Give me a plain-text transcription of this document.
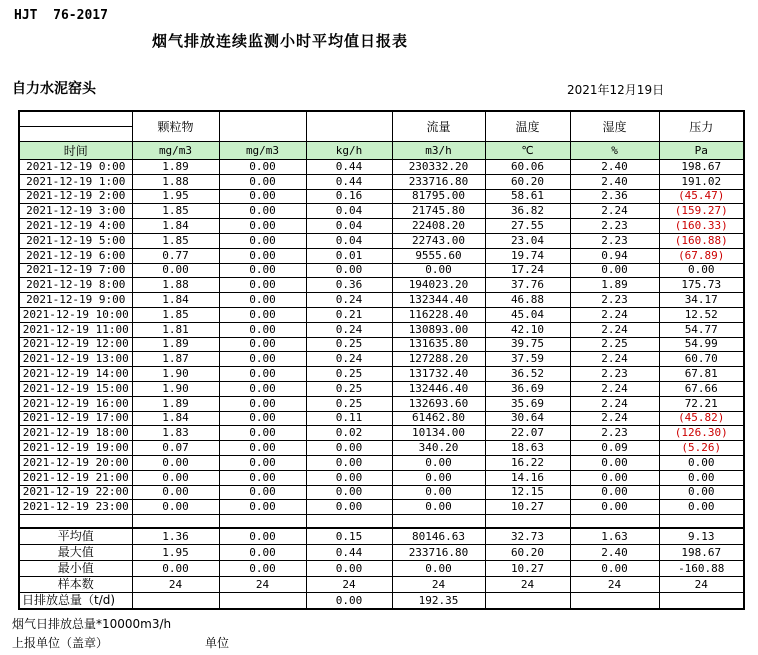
HJT  76-2017
烟气排放连续监测小时平均值日报表
自力水泥窑头	2021年12月19日
	颗粒物			流量	温度	湿度	压力
时间	mg/m3	mg/m3	kg/h	m3/h	℃	%	Pa
2021-12-19 0:00	1.89	0.00	0.44	230332.20	60.06	2.40	198.67
2021-12-19 1:00	1.88	0.00	0.44	233716.80	60.20	2.40	191.02
2021-12-19 2:00	1.95	0.00	0.16	81795.00	58.61	2.36	(45.47)
2021-12-19 3:00	1.85	0.00	0.04	21745.80	36.82	2.24	(159.27)
2021-12-19 4:00	1.84	0.00	0.04	22408.20	27.55	2.23	(160.33)
2021-12-19 5:00	1.85	0.00	0.04	22743.00	23.04	2.23	(160.88)
2021-12-19 6:00	0.77	0.00	0.01	9555.60	19.74	0.94	(67.89)
2021-12-19 7:00	0.00	0.00	0.00	0.00	17.24	0.00	0.00
2021-12-19 8:00	1.88	0.00	0.36	194023.20	37.76	1.89	175.73
2021-12-19 9:00	1.84	0.00	0.24	132344.40	46.88	2.23	34.17
2021-12-19 10:00	1.85	0.00	0.21	116228.40	45.04	2.24	12.52
2021-12-19 11:00	1.81	0.00	0.24	130893.00	42.10	2.24	54.77
2021-12-19 12:00	1.89	0.00	0.25	131635.80	39.75	2.25	54.99
2021-12-19 13:00	1.87	0.00	0.24	127288.20	37.59	2.24	60.70
2021-12-19 14:00	1.90	0.00	0.25	131732.40	36.52	2.23	67.81
2021-12-19 15:00	1.90	0.00	0.25	132446.40	36.69	2.24	67.66
2021-12-19 16:00	1.89	0.00	0.25	132693.60	35.69	2.24	72.21
2021-12-19 17:00	1.84	0.00	0.11	61462.80	30.64	2.24	(45.82)
2021-12-19 18:00	1.83	0.00	0.02	10134.00	22.07	2.23	(126.30)
2021-12-19 19:00	0.07	0.00	0.00	340.20	18.63	0.09	(5.26)
2021-12-19 20:00	0.00	0.00	0.00	0.00	16.22	0.00	0.00
2021-12-19 21:00	0.00	0.00	0.00	0.00	14.16	0.00	0.00
2021-12-19 22:00	0.00	0.00	0.00	0.00	12.15	0.00	0.00
2021-12-19 23:00	0.00	0.00	0.00	0.00	10.27	0.00	0.00

平均值	1.36	0.00	0.15	80146.63	32.73	1.63	9.13
最大值	1.95	0.00	0.44	233716.80	60.20	2.40	198.67
最小值	0.00	0.00	0.00	0.00	10.27	0.00	-160.88
样本数	24	24	24	24	24	24	24
日排放总量（t/d)			0.00	192.35			
烟气日排放总量*10000m3/h
上报单位（盖章）	单位
